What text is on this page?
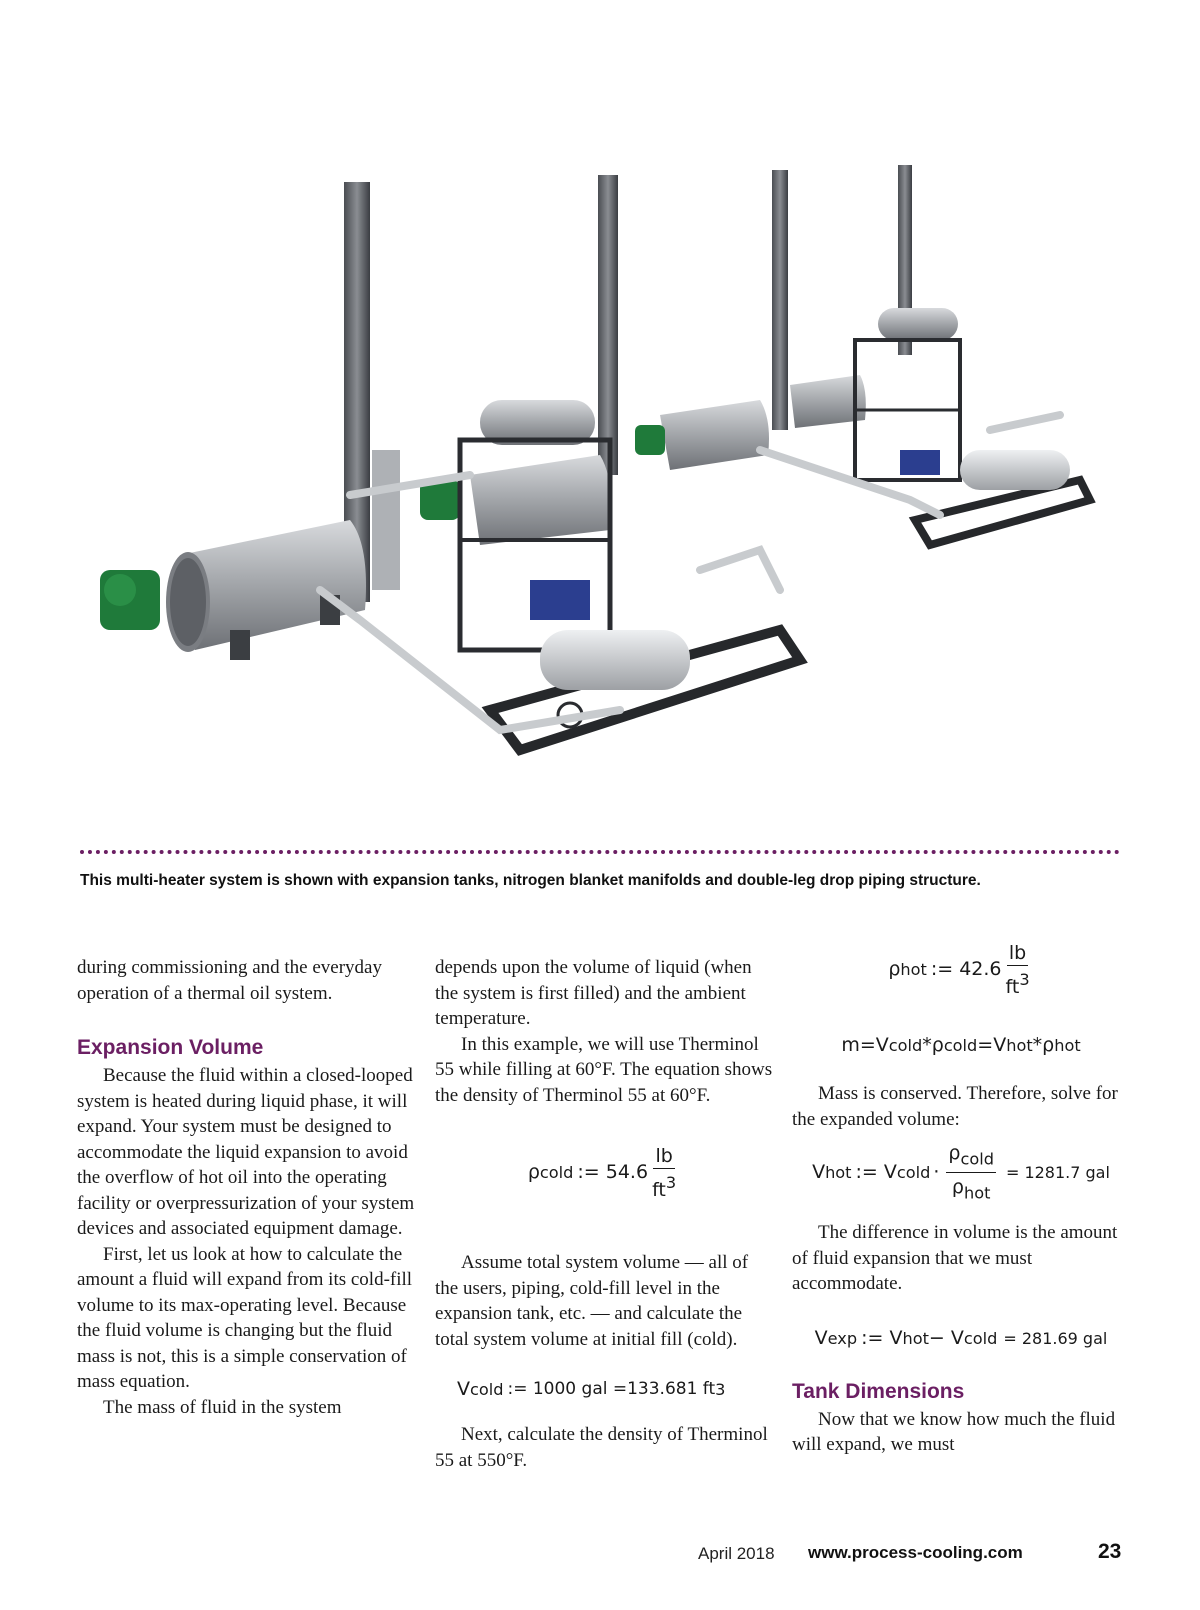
This multi-heater system is shown with expansion tanks, nitrogen blanket manifolds and double-leg drop piping structure.

during commissioning and the everyday operation of a thermal oil system.

Expansion Volume

Because the fluid within a closed-looped system is heated during liquid phase, it will expand. Your system must be designed to accommodate the liquid expansion to avoid the overflow of hot oil into the operating facility or overpressurization of your system devices and associated equipment damage.

First, let us look at how to calculate the amount a fluid will expand from its cold-fill volume to its max-operating level. Because the fluid volume is changing but the fluid mass is not, this is a simple conservation of mass equation.

The mass of fluid in the system

depends upon the volume of liquid (when the system is first filled) and the ambient temperature.

In this example, we will use Therminol 55 while filling at 60°F. The equation shows the density of Therminol 55 at 60°F.

ρ cold := $54.6 \frac{lb}{ft^3}$

Assume total system volume — all of the users, piping, cold-fill level in the expansion tank, etc. — and calculate the total system volume at initial fill (cold).

V cold := 1000 gal =133.681 ft 3

Next, calculate the density of Therminol 55 at 550°F.

ρ hot := $42.6 \frac{lb}{ft^3}$
m=V cold *ρ cold =V hot *ρ hot

Mass is conserved. Therefore, solve for the expanded volume:

V hot := V cold · $\frac{\rho_{cold}}{\rho_{hot}} = 1281.7$ gal

The difference in volume is the amount of fluid expansion that we must accommodate.

V exp := V hot − V cold = 281.69 gal
Tank Dimensions

Now that we know how much the fluid will expand, we must

April 2018 www.process-cooling.com	23
